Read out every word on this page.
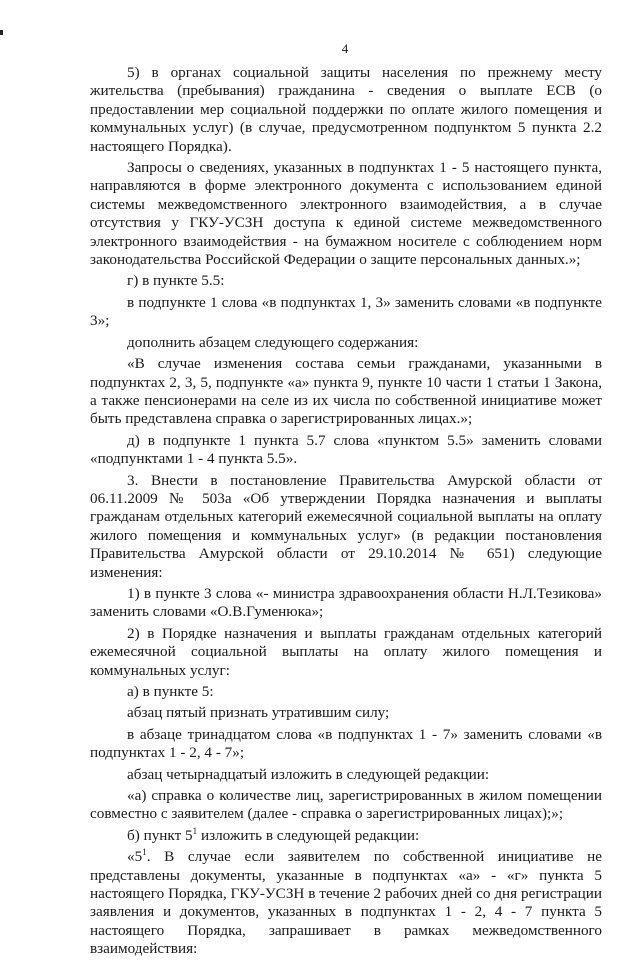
4

5) в органах социальной защиты населения по прежнему месту жительства (пребывания) гражданина - сведения о выплате ЕСВ (о предоставлении мер социальной поддержки по оплате жилого помещения и коммунальных услуг) (в случае, предусмотренном подпунктом 5 пункта 2.2 настоящего Порядка).

Запросы о сведениях, указанных в подпунктах 1 - 5 настоящего пункта, направляются в форме электронного документа с использованием единой системы межведомственного электронного взаимодействия, а в случае отсутствия у ГКУ-УСЗН доступа к единой системе межведомственного электронного взаимодействия - на бумажном носителе с соблюдением норм законодательства Российской Федерации о защите персональных данных.»;

г) в пункте 5.5:

в подпункте 1 слова «в подпунктах 1, 3» заменить словами «в подпункте 3»;

дополнить абзацем следующего содержания:

«В случае изменения состава семьи гражданами, указанными в подпунктах 2, 3, 5, подпункте «а» пункта 9, пункте 10 части 1 статьи 1 Закона, а также пенсионерами на селе из их числа по собственной инициативе может быть представлена справка о зарегистрированных лицах.»;

д) в подпункте 1 пункта 5.7 слова «пунктом 5.5» заменить словами «подпунктами 1 - 4 пункта 5.5».

3. Внести в постановление Правительства Амурской области от 06.11.2009 № 503а «Об утверждении Порядка назначения и выплаты гражданам отдельных категорий ежемесячной социальной выплаты на оплату жилого помещения и коммунальных услуг» (в редакции постановления Правительства Амурской области от 29.10.2014 № 651) следующие изменения:

1) в пункте 3 слова «- министра здравоохранения области Н.Л.Тезикова» заменить словами «О.В.Гуменюка»;

2) в Порядке назначения и выплаты гражданам отдельных категорий ежемесячной социальной выплаты на оплату жилого помещения и коммунальных услуг:

а) в пункте 5:

абзац пятый признать утратившим силу;

в абзаце тринадцатом слова «в подпунктах 1 - 7» заменить словами «в подпунктах 1 - 2, 4 - 7»;

абзац четырнадцатый изложить в следующей редакции:

«а) справка о количестве лиц, зарегистрированных в жилом помещении совместно с заявителем (далее - справка о зарегистрированных лицах);»;

б) пункт $5^1$ изложить в следующей редакции:

«$5^1$. В случае если заявителем по собственной инициативе не представлены документы, указанные в подпунктах «а» - «г» пункта 5 настоящего Порядка, ГКУ-УСЗН в течение 2 рабочих дней со дня регистрации заявления и документов, указанных в подпунктах 1 - 2, 4 - 7 пункта 5 настоящего Порядка, запрашивает в рамках межведомственного взаимодействия:
